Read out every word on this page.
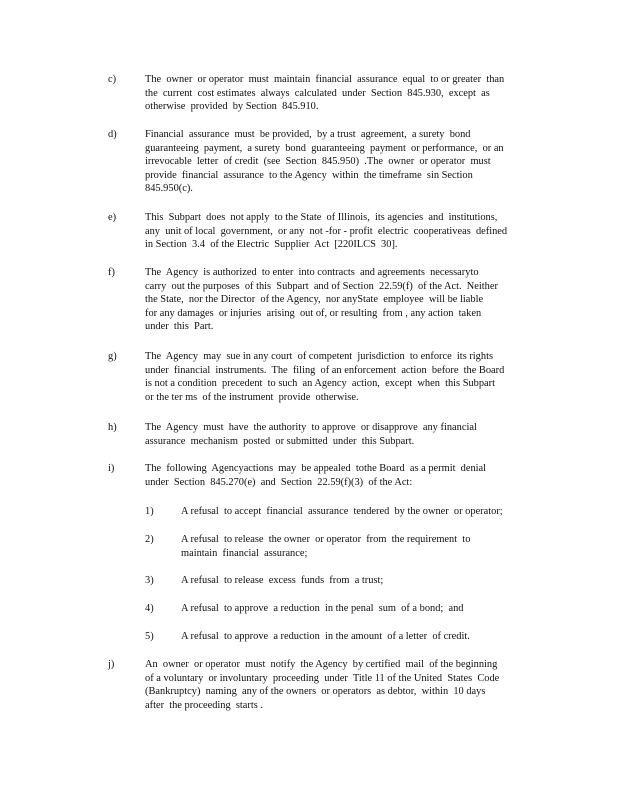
c)	The  owner  or operator  must  maintain  financial  assurance  equal  to or greater  than
the  current  cost estimates  always  calculated  under  Section  845.930,  except  as
otherwise  provided  by Section  845.910.
d)	Financial  assurance  must  be provided,  by a trust  agreement,  a surety  bond
guaranteeing  payment,  a surety  bond  guaranteeing  payment  or performance,  or an
irrevocable  letter  of credit  (see  Section  845.950)  .The  owner  or operator  must
provide  financial  assurance  to the Agency  within  the timeframe  sin Section
845.950(c).
e)	This  Subpart  does  not apply  to the State  of Illinois,  its agencies  and  institutions,
any  unit of local  government,  or any  not -for - profit  electric  cooperativeas  defined
in Section  3.4  of the Electric  Supplier  Act  [220ILCS  30].
f)	The  Agency  is authorized  to enter  into contracts  and agreements  necessaryto
carry  out the purposes  of this  Subpart  and of Section  22.59(f)  of the Act.  Neither
the State,  nor the Director  of the Agency,  nor anyState  employee  will be liable
for any damages  or injuries  arising  out of, or resulting  from , any action  taken
under  this  Part.
g)	The  Agency  may  sue in any court  of competent  jurisdiction  to enforce  its rights
under  financial  instruments.  The  filing  of an enforcement  action  before  the Board
is not a condition  precedent  to such  an Agency  action,  except  when  this Subpart
or the ter ms  of the instrument  provide  otherwise.
h)	The  Agency  must  have  the authority  to approve  or disapprove  any financial
assurance  mechanism  posted  or submitted  under  this Subpart.
i)	The  following  Agencyactions  may  be appealed  tothe Board  as a permit  denial
under  Section  845.270(e)  and  Section  22.59(f)(3)  of the Act:
1)	A refusal  to accept  financial  assurance  tendered  by the owner  or operator;
2)	A refusal  to release  the owner  or operator  from  the requirement  to
maintain  financial  assurance;
3)	A refusal  to release  excess  funds  from  a trust;
4)	A refusal  to approve  a reduction  in the penal  sum  of a bond;  and
5)	A refusal  to approve  a reduction  in the amount  of a letter  of credit.
j)	An  owner  or operator  must  notify  the Agency  by certified  mail  of the beginning
of a voluntary  or involuntary  proceeding  under  Title 11 of the United  States  Code
(Bankruptcy)  naming  any of the owners  or operators  as debtor,  within  10 days
after  the proceeding  starts .
